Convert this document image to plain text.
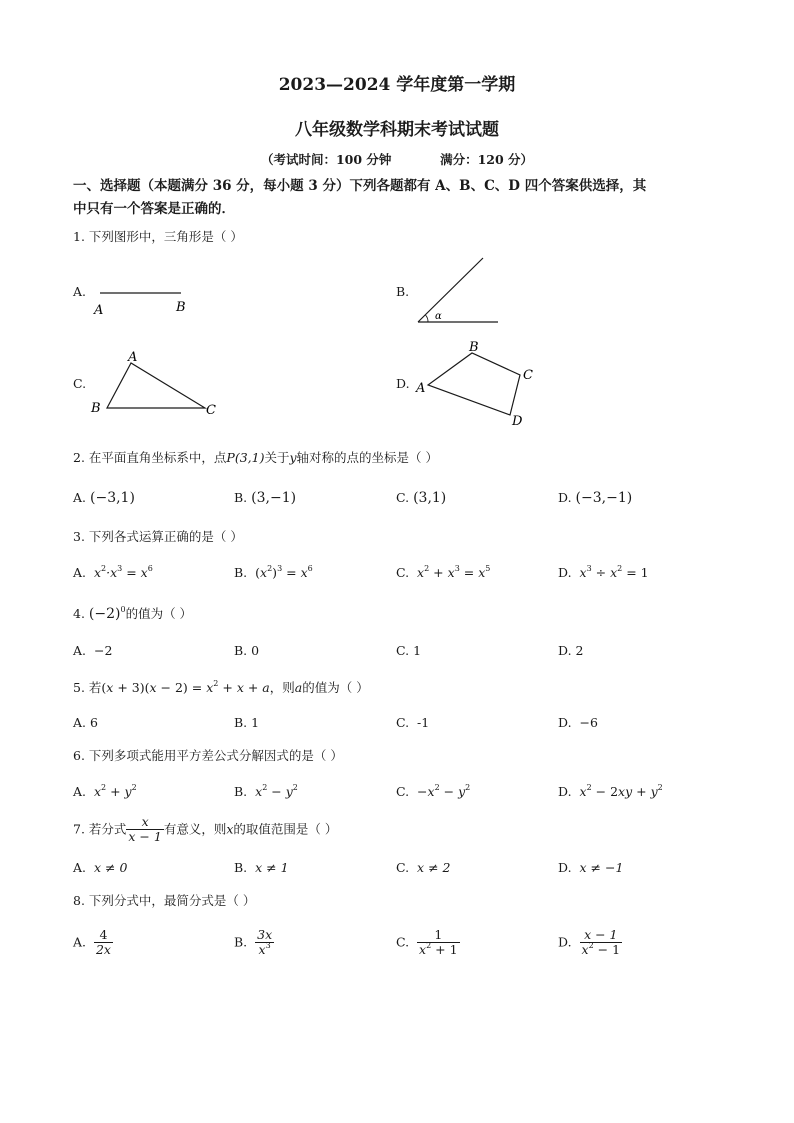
2023—2024 学年度第一学期
八年级数学科期末考试试题
（考试时间：100 分钟	满分：120 分）
一、选择题（本题满分 36 分，每小题 3 分）下列各题都有 A、B、C、D 四个答案供选择，其
中只有一个答案是正确的．
1. 下列图形中，三角形是（ ）
A.
A	B
B.
α
C.
A
B	C
D. A
B
C
D
2. 在平面直角坐标系中，点P(3,1)关于y轴对称的点的坐标是（ ）
A. (−3,1)	B. (3,−1)	C. (3,1)	D. (−3,−1)
3. 下列各式运算正确的是（ ）
A. $x^2\cdot x^3 = x^6$	B. $(x^2)^3 = x^6$	C. $x^2 + x^3 = x^5$	D. $x^3 \div x^2 = 1$
4. $(-2)^0$的值为（ ）
A. −2	B. 0	C. 1	D. 2
5. 若$(x + 3)(x - 2) = x^2 + x + a$，则a的值为（ ）
A. 6	B. 1	C. -1	D. −6
6. 下列多项式能用平方差公式分解因式的是（ ）
A. $x^2 + y^2$	B. $x^2 - y^2$	C. $-x^2 - y^2$	D. $x^2 - 2xy + y^2$
7. 若分式 $\frac{x}{x - 1}$ 有意义，则x的取值范围是（ ）
A. x ≠ 0	B. x ≠ 1	C. x ≠ 2	D. x ≠ −1
8. 下列分式中，最简分式是（ ）
A. $\frac{4}{2x}$	B. $\frac{3x}{x^3}$	C. $\frac{1}{x^2 + 1}$	D. $\frac{x - 1}{x^2 - 1}$
